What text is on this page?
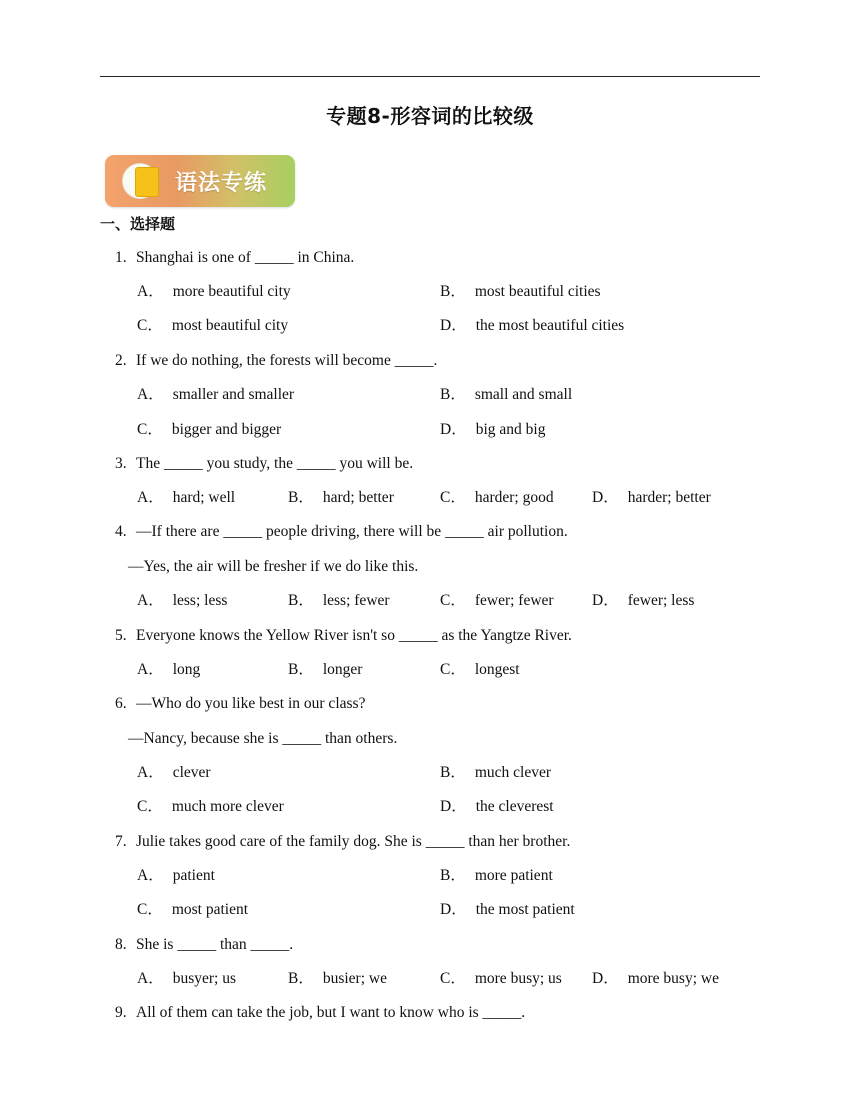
专题8-形容词的比较级
语法专练
一、选择题
1. Shanghai is one of _____ in China.
A． more beautiful city	B． most beautiful cities
C． most beautiful city	D． the most beautiful cities
2. If we do nothing, the forests will become _____.
A． smaller and smaller	B． small and small
C． bigger and bigger	D． big and big
3. The _____ you study, the _____ you will be.
A． hard; well	B． hard; better	C． harder; good D． harder; better
4. —If there are _____ people driving, there will be _____ air pollution.
—Yes, the air will be fresher if we do like this.
A． less; less	B． less; fewer	C． fewer; fewer D． fewer; less
5. Everyone knows the Yellow River isn't so _____ as the Yangtze River.
A． long	B． longer	C． longest
6. —Who do you like best in our class?
—Nancy, because she is _____ than others.
A． clever	B． much clever
C． much more clever	D． the cleverest
7. Julie takes good care of the family dog. She is _____ than her brother.
A． patient	B． more patient
C． most patient	D． the most patient
8. She is _____ than _____.
A． busyer; us	B． busier; we	C． more busy; us D． more busy; we
9. All of them can take the job, but I want to know who is _____.
